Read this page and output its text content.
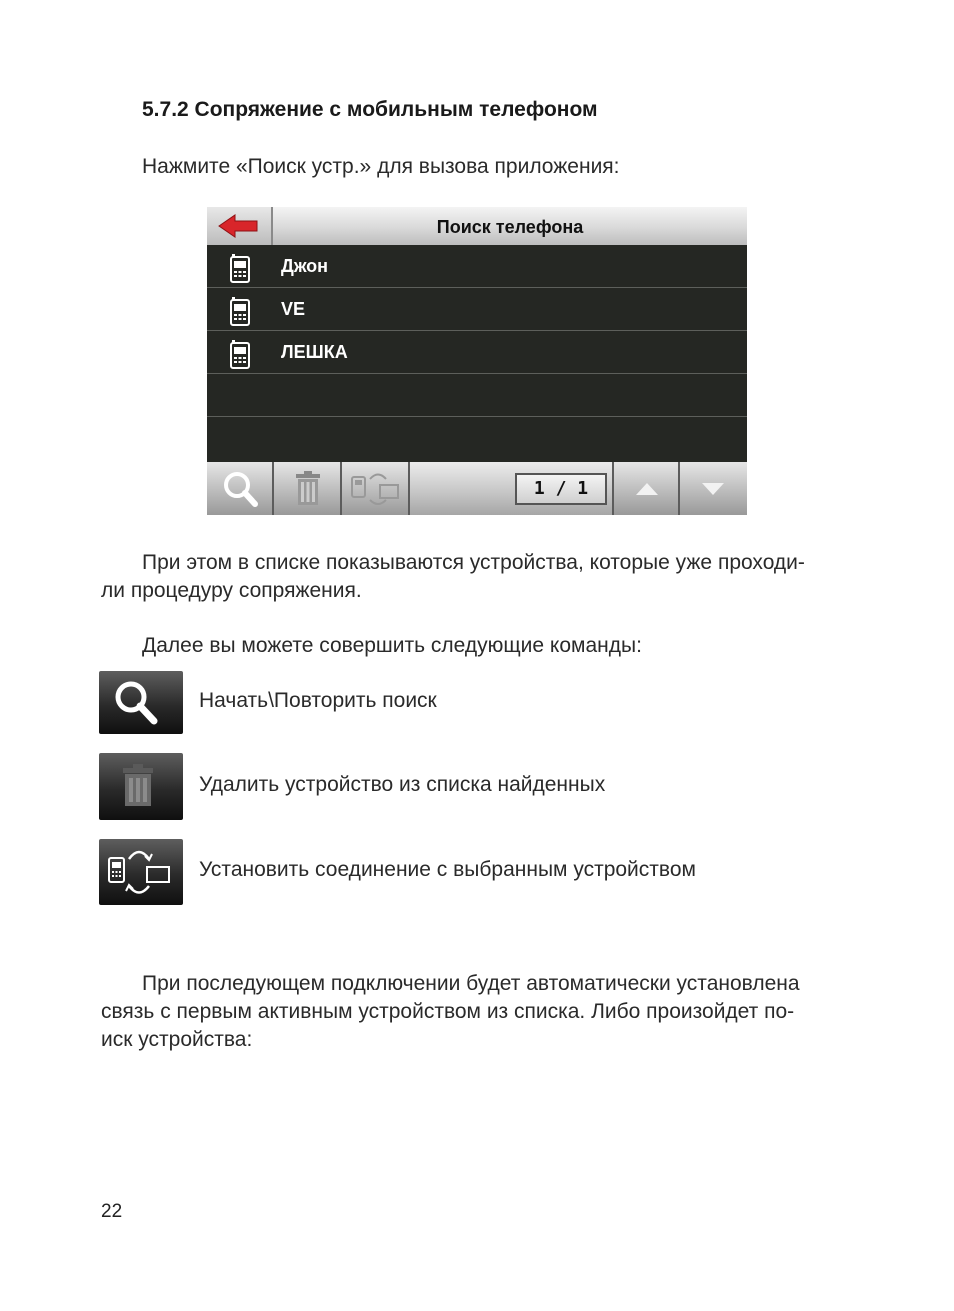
5.7.2 Сопряжение с мобильным телефоном
Нажмите «Поиск устр.» для вызова приложения:
Поиск телефона
Джон
VE
ЛЕШКА
1 / 1
При этом в списке показываются устройства, которые уже проходи-
ли процедуру сопряжения.
Далее вы можете совершить следующие команды:
Начать\Повторить поиск
Удалить устройство из списка найденных
Установить соединение с выбранным устройством
При последующем подключении будет автоматически установлена
связь с первым активным устройством из списка. Либо произойдет по-
иск устройства:
22
